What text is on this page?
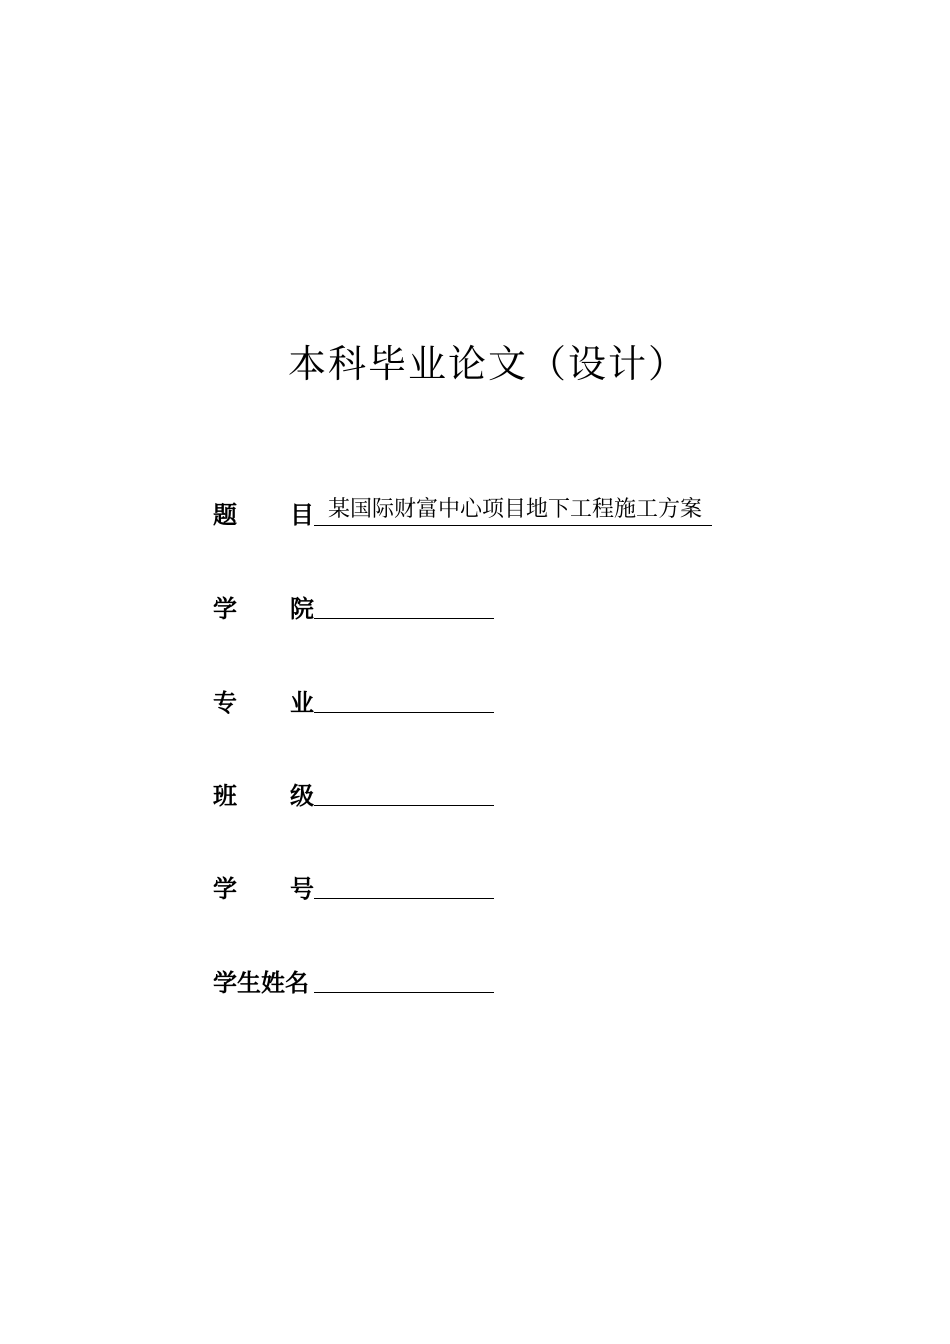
本科毕业论文（设计）
题 目 某国际财富中心项目地下工程施工方案
学 院
专 业
班 级
学 号
学生姓名
